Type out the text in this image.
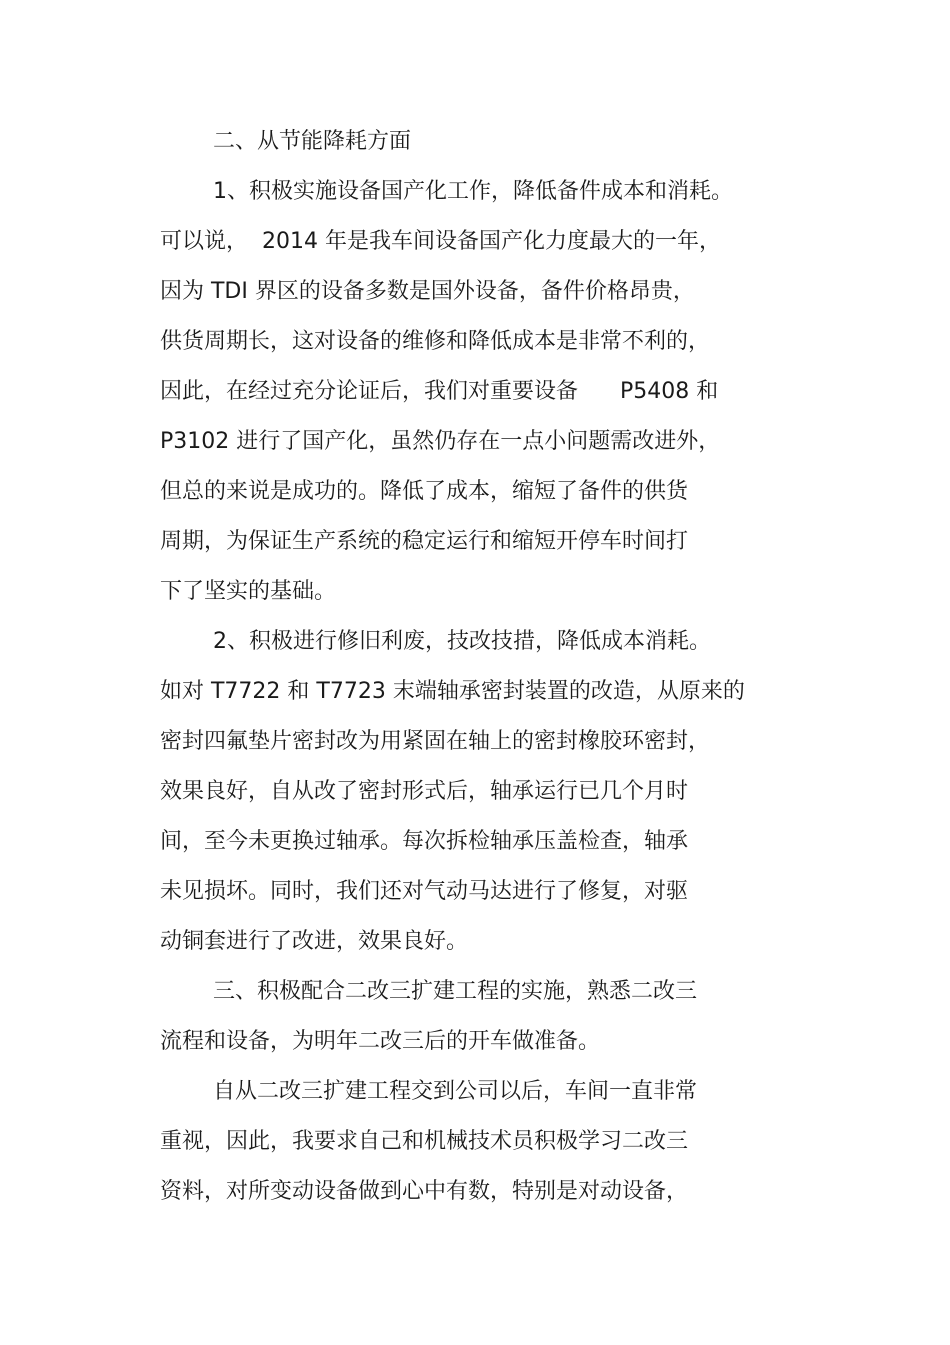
二、从节能降耗方面
1、积极实施设备国产化工作，降低备件成本和消耗。
可以说，  2014 年是我车间设备国产化力度最大的一年，
因为 TDI 界区的设备多数是国外设备，备件价格昂贵，
供货周期长，这对设备的维修和降低成本是非常不利的，
因此，在经过充分论证后，我们对重要设备      P5408 和
P3102 进行了国产化，虽然仍存在一点小问题需改进外，
但总的来说是成功的。降低了成本，缩短了备件的供货
周期，为保证生产系统的稳定运行和缩短开停车时间打
下了坚实的基础。
2、积极进行修旧利废，技改技措，降低成本消耗。
如对 T7722 和 T7723 末端轴承密封装置的改造，从原来的
密封四氟垫片密封改为用紧固在轴上的密封橡胶环密封，
效果良好，自从改了密封形式后，轴承运行已几个月时
间，至今未更换过轴承。每次拆检轴承压盖检查，轴承
未见损坏。同时，我们还对气动马达进行了修复，对驱
动铜套进行了改进，效果良好。
三、积极配合二改三扩建工程的实施，熟悉二改三
流程和设备，为明年二改三后的开车做准备。
自从二改三扩建工程交到公司以后，车间一直非常
重视，因此，我要求自己和机械技术员积极学习二改三
资料，对所变动设备做到心中有数，特别是对动设备，
